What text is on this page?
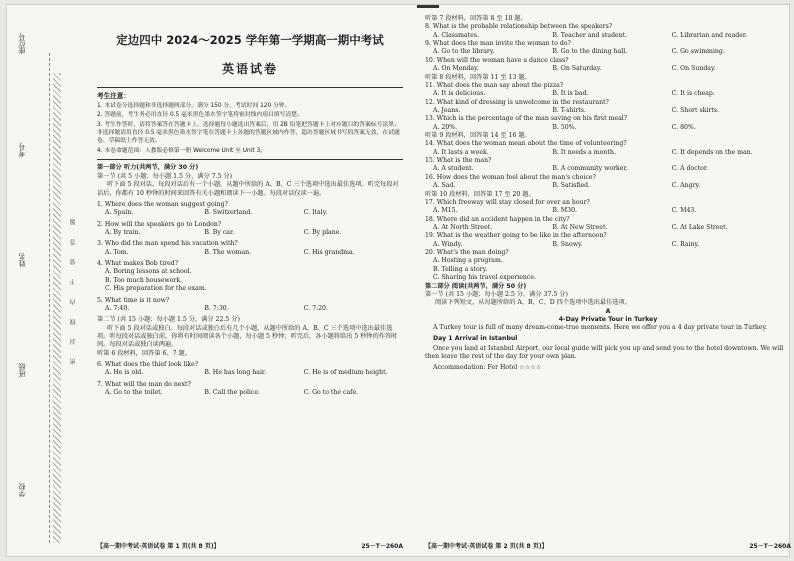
座位号
考号
姓名
班级
学校
密 封 线 内 不 要 答 题
定边四中 2024～2025 学年第一学期高一期中考试
英语试卷
考生注意：

1. 本试卷分选择题和非选择题两部分。满分 150 分，考试时间 120 分钟。

2. 答题前，考生务必用直径 0.5 毫米黑色墨水签字笔将密封线内项目填写清楚。

3. 考生作答时，请将答案答在答题卡上。选择题每小题选出答案后，用 2B 铅笔把答题卡上对应题目的答案标号涂黑；非选择题请用直径 0.5 毫米黑色墨水签字笔在答题卡上各题的答题区域内作答，超出答题区域书写的答案无效，在试题卷、草稿纸上作答无效。

4. 本卷命题范围：人教版必修第一册 Welcome Unit 至 Unit 3。

第一部分 听力(共两节，满分 30 分)
第一节 (共 5 小题；每小题 1.5 分，满分 7.5 分)
听下面 5 段对话。每段对话后有一个小题，从题中所给的 A、B、C 三个选项中选出最佳选项。听完每段对话后，你都有 10 秒钟的时间来回答有关小题和阅读下一小题。每段对话仅读一遍。
1. Where does the woman suggest going?
A. Spain.	B. Switzerland.	C. Italy.
2. How will the speakers go to London?
A. By train.	B. By car.	C. By plane.
3. Who did the man spend his vacation with?
A. Tom.	B. The woman.	C. His grandma.
4. What makes Bob tired?
A. Boring lessons at school.
B. Too much housework.
C. His preparation for the exam.
5. What time is it now?
A. 7:40.	B. 7:30.	C. 7:20.
第二节 (共 15 小题；每小题 1.5 分，满分 22.5 分)
听下面 5 段对话或独白。每段对话或独白后有几个小题，从题中所给的 A、B、C 三个选项中选出最佳选项。听每段对话或独白前，你将有时间阅读各个小题，每小题 5 秒钟；听完后，各小题将给出 5 秒钟的作答时间。每段对话或独白读两遍。
听第 6 段材料，回答第 6、7 题。
6. What does the thief look like?
A. He is old.	B. He has long hair.	C. He is of medium height.
7. What will the man do next?
A. Go to the toilet.	B. Call the police.	C. Go to the cafe.
【高一期中考试·英语试卷 第 1 页(共 8 页)】	25－T－260A
听第 7 段材料，回答第 8 至 10 题。
8. What is the probable relationship between the speakers?
A. Classmates.	B. Teacher and student.	C. Librarian and reader.
9. What does the man invite the woman to do?
A. Go to the library.	B. Go to the dining hall.	C. Go swimming.
10. When will the woman have a dance class?
A. On Monday.	B. On Saturday.	C. On Sunday.
听第 8 段材料，回答第 11 至 13 题。
11. What does the man say about the pizza?
A. It is delicious.	B. It is bad.	C. It is cheap.
12. What kind of dressing is unwelcome in the restaurant?
A. Jeans.	B. T-shirts.	C. Short skirts.
13. Which is the percentage of the man saving on his first meal?
A. 20%.	B. 50%.	C. 80%.
听第 9 段材料，回答第 14 至 16 题。
14. What does the woman mean about the time of volunteering?
A. It lasts a week.	B. It needs a month.	C. It depends on the man.
15. What is the man?
A. A student.	B. A community worker.	C. A doctor.
16. How does the woman feel about the man's choice?
A. Sad.	B. Satisfied.	C. Angry.
听第 10 段材料，回答第 17 至 20 题。
17. Which freeway will stay closed for over an hour?
A. M15.	B. M30.	C. M43.
18. Where did an accident happen in the city?
A. At North Street.	B. At New Street.	C. At Lake Street.
19. What is the weather going to be like in the afternoon?
A. Windy.	B. Snowy.	C. Rainy.
20. What's the man doing?
A. Hosting a program.
B. Telling a story.
C. Sharing his travel experience.
第二部分 阅读(共两节，满分 50 分)
第一节 (共 15 小题；每小题 2.5 分，满分 37.5 分)
阅读下列短文，从每题所给的 A、B、C、D 四个选项中选出最佳选项。
A
4-Day Private Tour in Turkey

A Turkey tour is full of many dream-come-true moments. Here we offer you a 4 day private tour in Turkey.

Day 1 Arrival in Istanbul

Once you land at Istanbul Airport, our local guide will pick you up and send you to the hotel downtown. We will then leave the rest of the day for your own plan.

Accommodation: Fer Hotel ☆☆☆☆

【高一期中考试·英语试卷 第 2 页(共 8 页)】	25－T－260A
